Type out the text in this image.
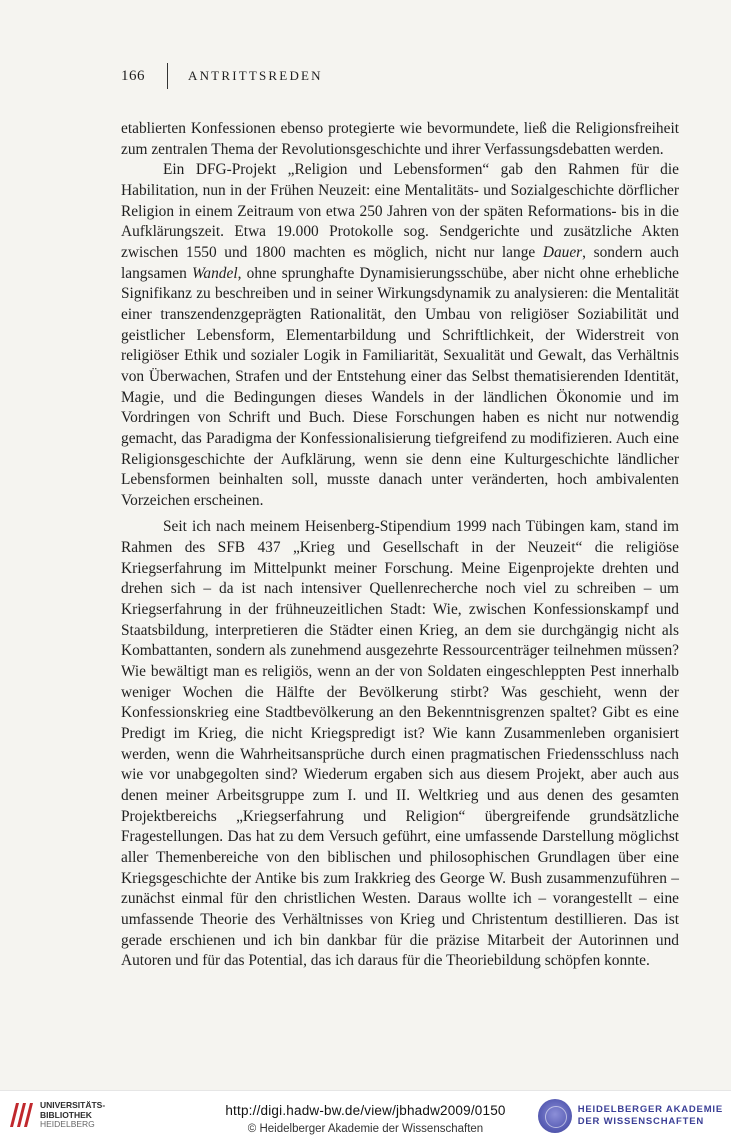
166	ANTRITTSREDEN

etablierten Konfessionen ebenso protegierte wie bevormundete, ließ die Religionsfreiheit zum zentralen Thema der Revolutionsgeschichte und ihrer Verfassungsdebatten werden.

Ein DFG-Projekt „Religion und Lebensformen“ gab den Rahmen für die Habilitation, nun in der Frühen Neuzeit: eine Mentalitäts- und Sozialgeschichte dörflicher Religion in einem Zeitraum von etwa 250 Jahren von der späten Reformations- bis in die Aufklärungszeit. Etwa 19.000 Protokolle sog. Sendgerichte und zusätzliche Akten zwischen 1550 und 1800 machten es möglich, nicht nur lange Dauer, sondern auch langsamen Wandel, ohne sprunghafte Dynamisierungsschübe, aber nicht ohne erhebliche Signifikanz zu beschreiben und in seiner Wirkungsdynamik zu analysieren: die Mentalität einer transzendenzgeprägten Rationalität, den Umbau von religiöser Soziabilität und geistlicher Lebensform, Elementarbildung und Schriftlichkeit, der Widerstreit von religiöser Ethik und sozialer Logik in Familiarität, Sexualität und Gewalt, das Verhältnis von Überwachen, Strafen und der Entstehung einer das Selbst thematisierenden Identität, Magie, und die Bedingungen dieses Wandels in der ländlichen Ökonomie und im Vordringen von Schrift und Buch. Diese Forschungen haben es nicht nur notwendig gemacht, das Paradigma der Konfessionalisierung tiefgreifend zu modifizieren. Auch eine Religionsgeschichte der Aufklärung, wenn sie denn eine Kulturgeschichte ländlicher Lebensformen beinhalten soll, musste danach unter veränderten, hoch ambivalenten Vorzeichen erscheinen.

Seit ich nach meinem Heisenberg-Stipendium 1999 nach Tübingen kam, stand im Rahmen des SFB 437 „Krieg und Gesellschaft in der Neuzeit“ die religiöse Kriegserfahrung im Mittelpunkt meiner Forschung. Meine Eigenprojekte drehten und drehen sich – da ist nach intensiver Quellenrecherche noch viel zu schreiben – um Kriegserfahrung in der frühneuzeitlichen Stadt: Wie, zwischen Konfessionskampf und Staatsbildung, interpretieren die Städter einen Krieg, an dem sie durchgängig nicht als Kombattanten, sondern als zunehmend ausgezehrte Ressourcenträger teilnehmen müssen? Wie bewältigt man es religiös, wenn an der von Soldaten eingeschleppten Pest innerhalb weniger Wochen die Hälfte der Bevölkerung stirbt? Was geschieht, wenn der Konfessionskrieg eine Stadtbevölkerung an den Bekenntnisgrenzen spaltet? Gibt es eine Predigt im Krieg, die nicht Kriegspredigt ist? Wie kann Zusammenleben organisiert werden, wenn die Wahrheitsansprüche durch einen pragmatischen Friedensschluss nach wie vor unabgegolten sind? Wiederum ergaben sich aus diesem Projekt, aber auch aus denen meiner Arbeitsgruppe zum I. und II. Weltkrieg und aus denen des gesamten Projektbereichs „Kriegserfahrung und Religion“ übergreifende grundsätzliche Fragestellungen. Das hat zu dem Versuch geführt, eine umfassende Darstellung möglichst aller Themenbereiche von den biblischen und philosophischen Grundlagen über eine Kriegsgeschichte der Antike bis zum Irakkrieg des George W. Bush zusammenzuführen – zunächst einmal für den christlichen Westen. Daraus wollte ich – vorangestellt – eine umfassende Theorie des Verhältnisses von Krieg und Christentum destillieren. Das ist gerade erschienen und ich bin dankbar für die präzise Mitarbeit der Autorinnen und Autoren und für das Potential, das ich daraus für die Theoriebildung schöpfen konnte.

UNIVERSITÄTS-
BIBLIOTHEK
HEIDELBERG
http://digi.hadw-bw.de/view/jbhadw2009/0150
© Heidelberger Akademie der Wissenschaften
HEIDELBERGER AKADEMIE
DER WISSENSCHAFTEN
